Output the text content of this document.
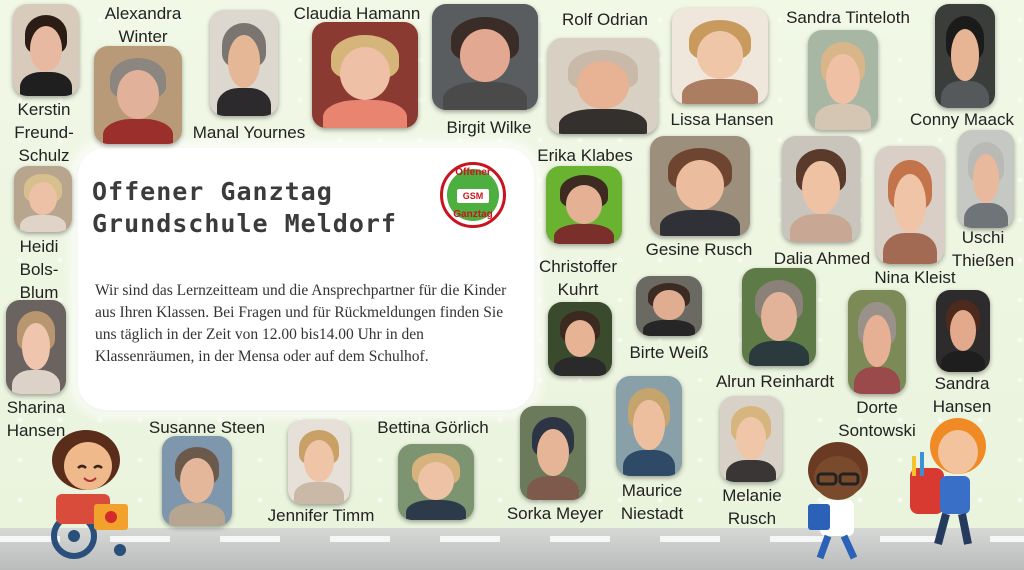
Offener Ganztag
Grundschule Meldorf
Offener
GSM
Ganztag
Wir sind das Lernzeitteam und die Ansprechpartner für die Kinder aus Ihren Klassen. Bei Fragen und für Rückmeldungen finden Sie uns täglich in der Zeit von 12.00 bis14.00 Uhr in den Klassenräumen, in der Mensa oder auf dem Schulhof.
Kerstin
Freund-
Schulz
Alexandra
Winter
Manal Yournes
Claudia Hamann
Birgit Wilke
Rolf Odrian
Lissa Hansen
Sandra Tinteloth
Conny Maack
Heidi
Bols-
Blum
Erika Klabes
Christoffer
Kuhrt
Gesine Rusch	Dalia Ahmed
Nina Kleist
Uschi
Thießen
Sharina
Hansen
Birte Weiß
Alrun Reinhardt
Dorte
Sontowski
Sandra
Hansen
Susanne Steen
Jennifer Timm
Bettina Görlich
Sorka Meyer
Maurice
Niestadt
Melanie
Rusch
